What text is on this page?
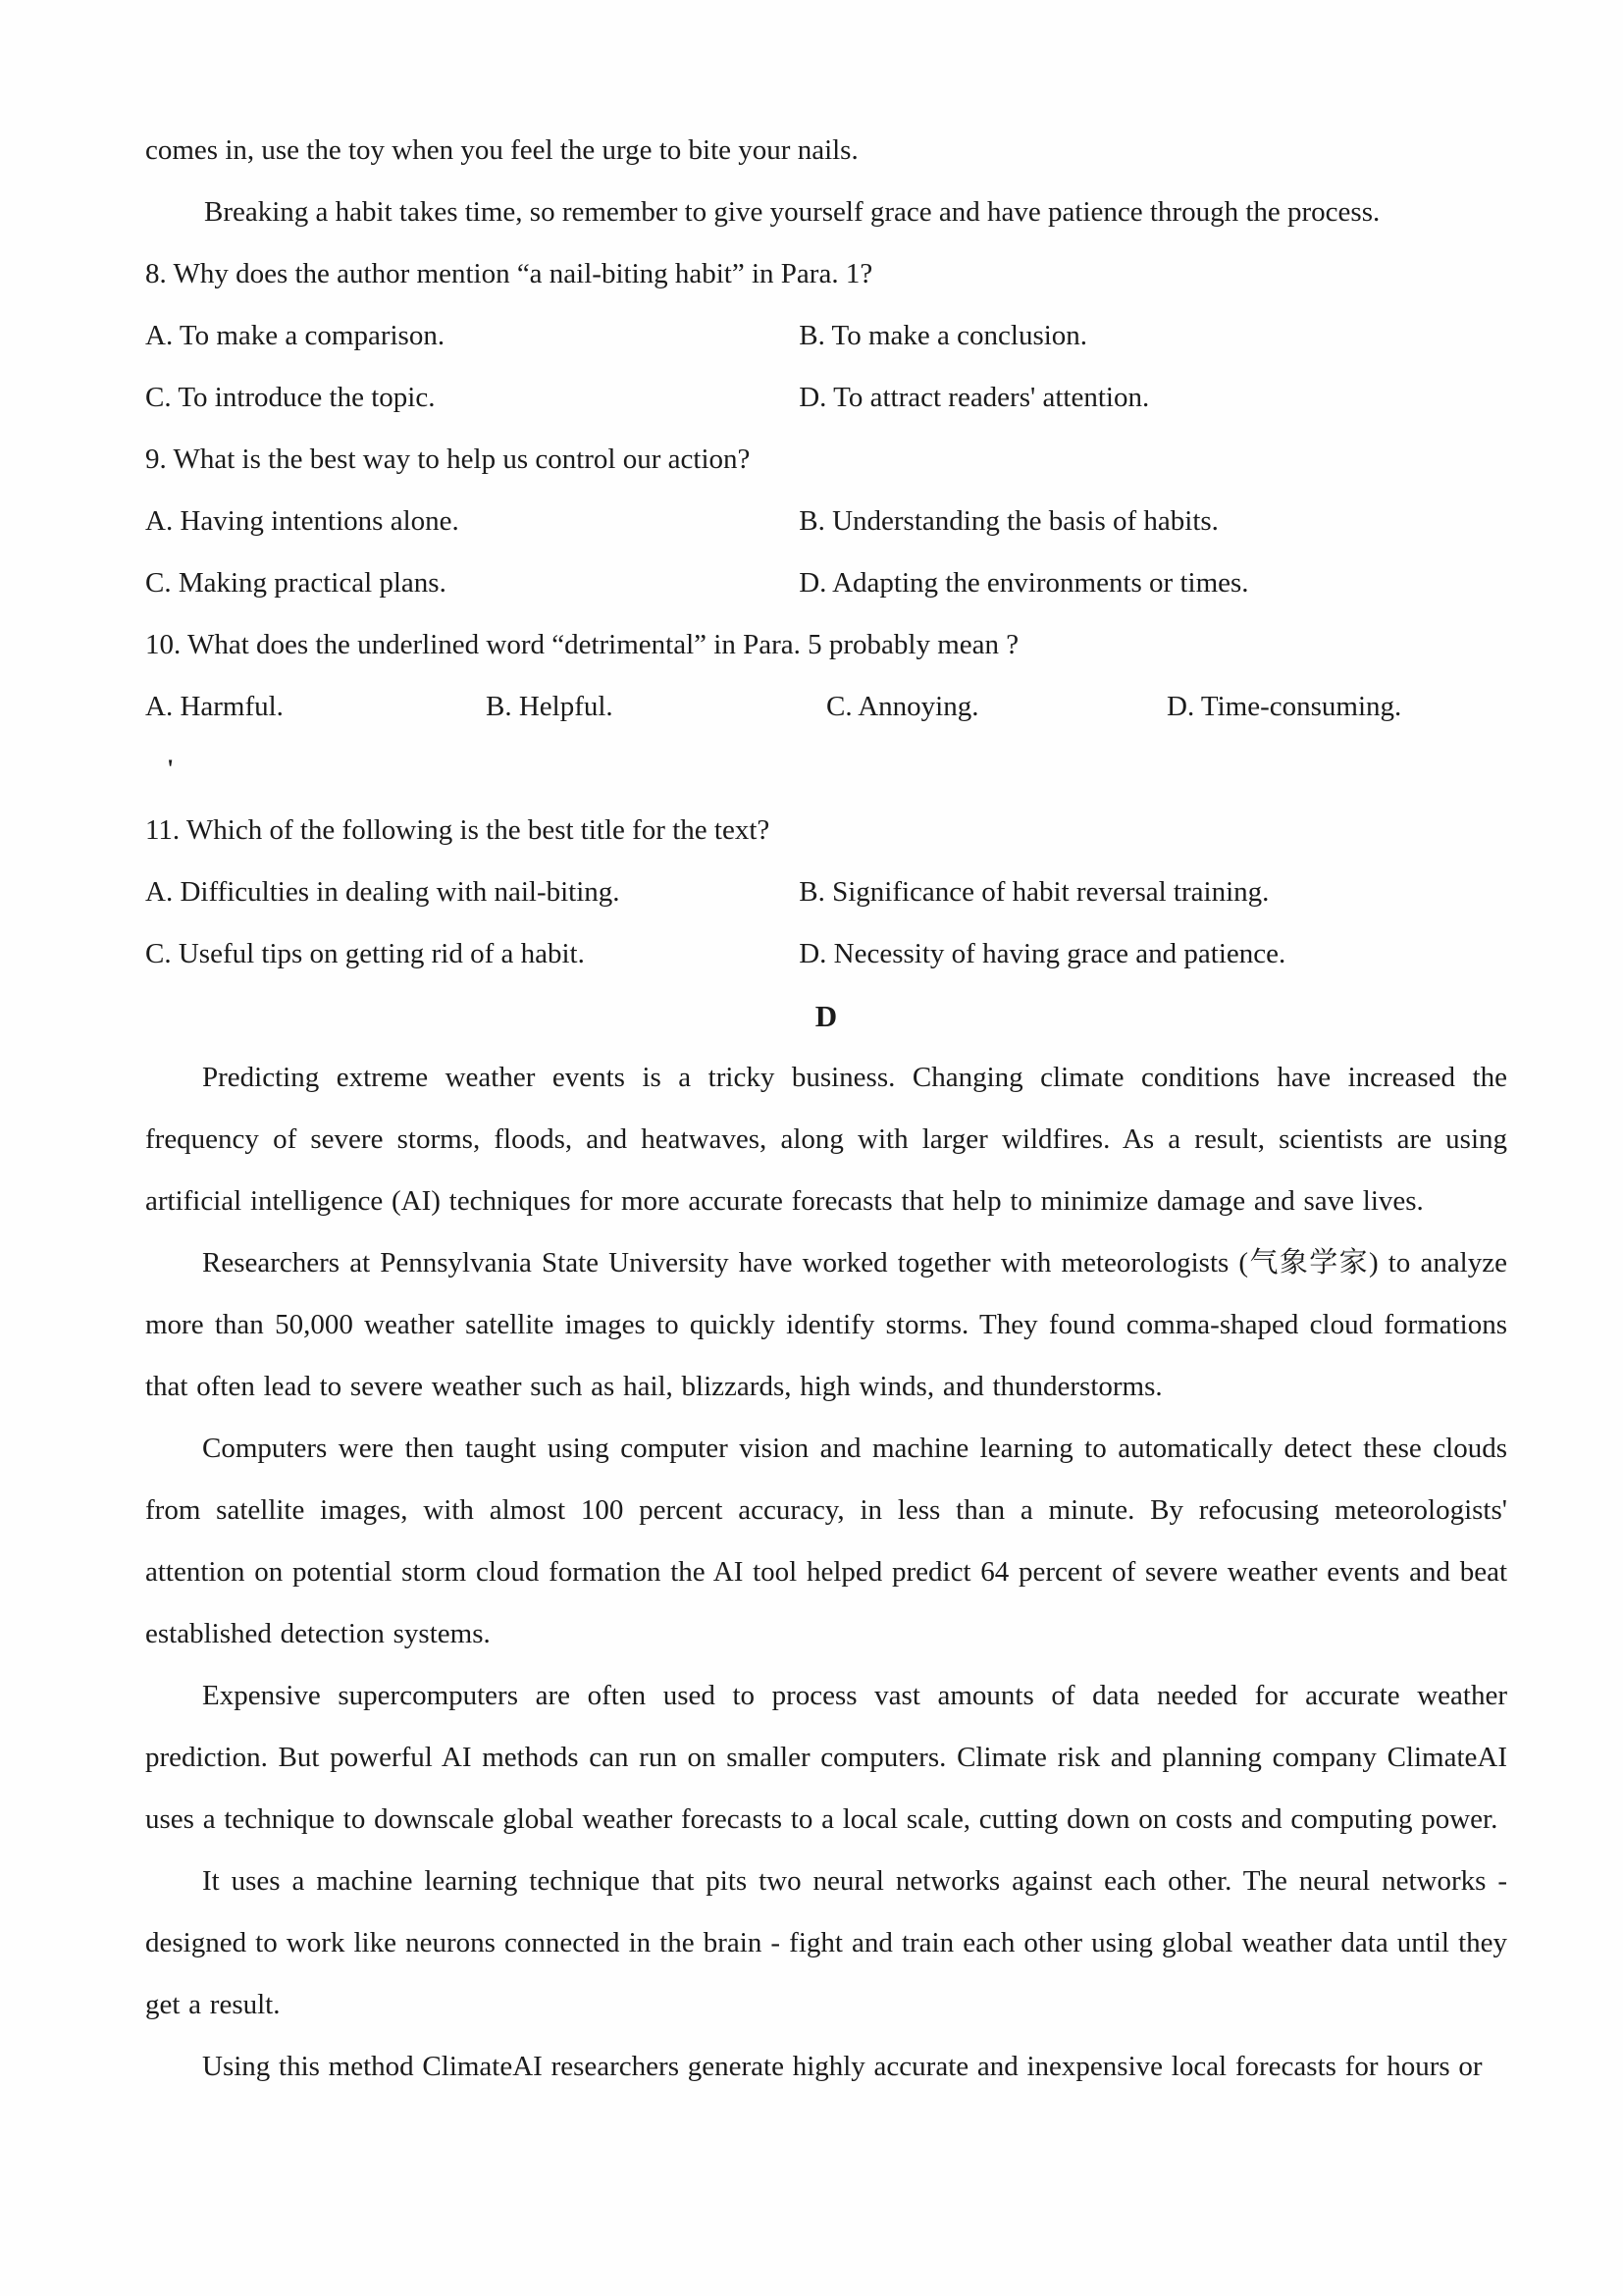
comes in, use the toy when you feel the urge to bite your nails.

Breaking a habit takes time, so remember to give yourself grace and have patience through the process.

8. Why does the author mention “a nail-biting habit” in Para. 1?

A. To make a comparison.	B. To make a conclusion.
C. To introduce the topic.	D. To attract readers' attention.

9. What is the best way to help us control our action?

A. Having intentions alone.	B. Understanding the basis of habits.
C. Making practical plans.	D. Adapting the environments or times.

10. What does the underlined word “detrimental” in Para. 5 probably mean ?

A. Harmful.	B. Helpful.	C. Annoying.	D. Time-consuming.

'

11. Which of the following is the best title for the text?

A. Difficulties in dealing with nail-biting.	B. Significance of habit reversal training.
C. Useful tips on getting rid of a habit.	D. Necessity of having grace and patience.

D

Predicting extreme weather events is a tricky business. Changing climate conditions have increased the frequency of severe storms, floods, and heatwaves, along with larger wildfires. As a result, scientists are using artificial intelligence (AI) techniques for more accurate forecasts that help to minimize damage and save lives.

Researchers at Pennsylvania State University have worked together with meteorologists (气象学家) to analyze more than 50,000 weather satellite images to quickly identify storms. They found comma-shaped cloud formations that often lead to severe weather such as hail, blizzards, high winds, and thunderstorms.

Computers were then taught using computer vision and machine learning to automatically detect these clouds from satellite images, with almost 100 percent accuracy, in less than a minute. By refocusing meteorologists' attention on potential storm cloud formation the AI tool helped predict 64 percent of severe weather events and beat established detection systems.

Expensive supercomputers are often used to process vast amounts of data needed for accurate weather prediction. But powerful AI methods can run on smaller computers. Climate risk and planning company ClimateAI uses a technique to downscale global weather forecasts to a local scale, cutting down on costs and computing power.

It uses a machine learning technique that pits two neural networks against each other. The neural networks - designed to work like neurons connected in the brain - fight and train each other using global weather data until they get a result.

Using this method ClimateAI researchers generate highly accurate and inexpensive local forecasts for hours or
